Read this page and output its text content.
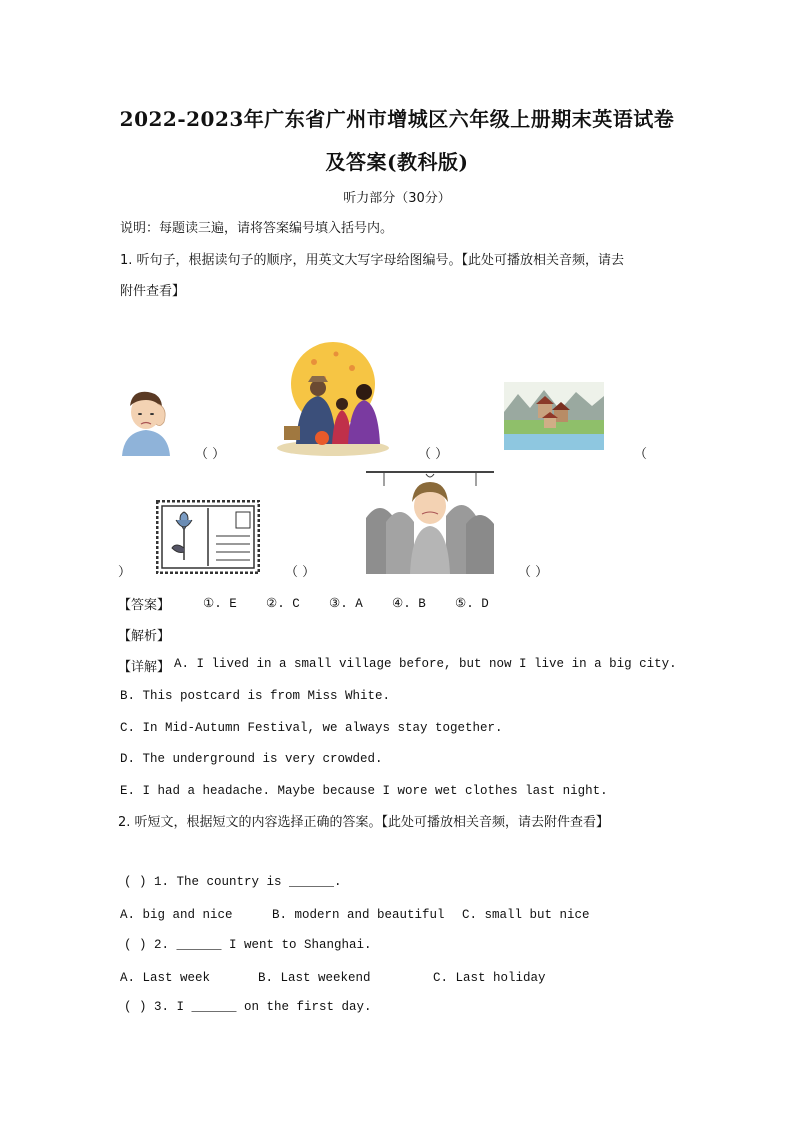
2022-2023年广东省广州市增城区六年级上册期末英语试卷
及答案(教科版)
听力部分（30分）
说明：每题读三遍，请将答案编号填入括号内。
1. 听句子，根据读句子的顺序，用英文大写字母给图编号。【此处可播放相关音频，请去
附件查看】
（ ）	（ ）	（
）	（ ）	（ ）
【答案】	①. E ②. C ③. A ④. B ⑤. D
【解析】
【详解】 A. I lived in a small village before, but now I live in a big city.
B. This postcard is from Miss White.
C. In Mid-Autumn Festival, we always stay together.
D. The underground is very crowded.
E. I had a headache. Maybe because I wore wet clothes last night.
2. 听短文，根据短文的内容选择正确的答案。【此处可播放相关音频，请去附件查看】
( ) 1. The country is ______.
A. big and nice	B. modern and beautiful C. small but nice
( ) 2. ______ I went to Shanghai.
A. Last week	B. Last weekend	C. Last holiday
( ) 3. I ______ on the first day.
